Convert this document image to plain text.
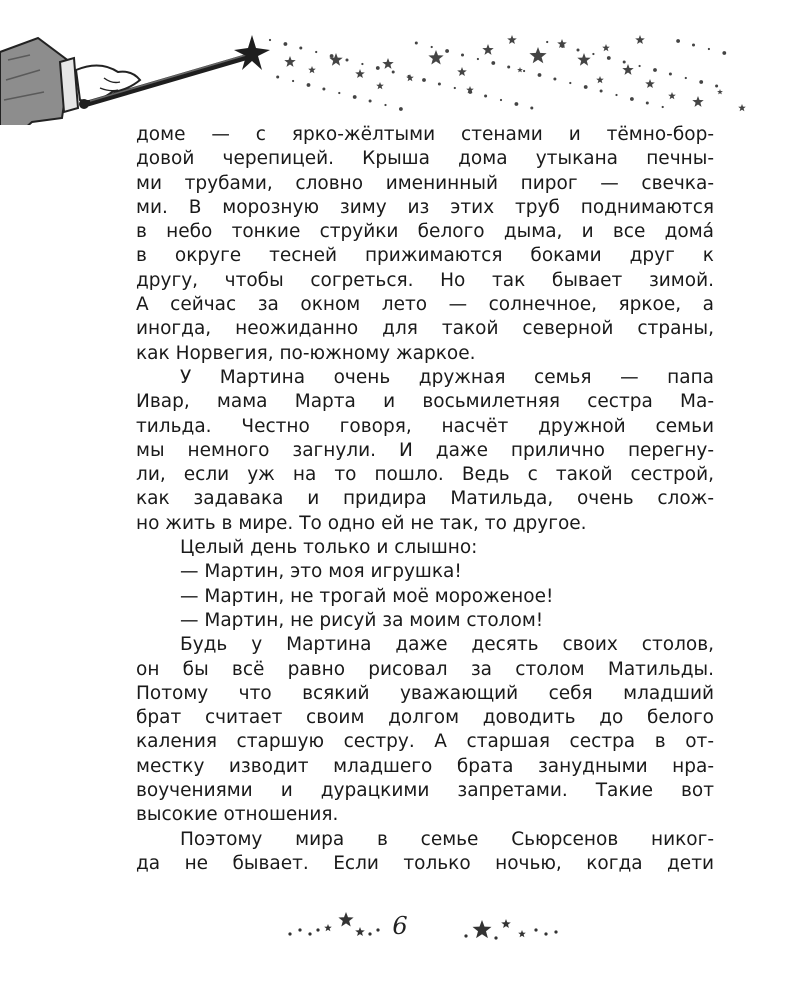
доме — с ярко-жёлтыми стенами и тёмно-бор-
довой черепицей. Крыша дома утыкана печны-
ми трубами, словно именинный пирог — свечка-
ми. В морозную зиму из этих труб поднимаются
в небо тонкие струйки белого дыма, и все домá
в округе тесней прижимаются боками друг к
другу, чтобы согреться. Но так бывает зимой.
А сейчас за окном лето — солнечное, яркое, а
иногда, неожиданно для такой северной страны,
как Норвегия, по-южному жаркое.
У Мартина очень дружная семья — папа
Ивар, мама Марта и восьмилетняя сестра Ма-
тильда. Честно говоря, насчёт дружной семьи
мы немного загнули. И даже прилично перегну-
ли, если уж на то пошло. Ведь с такой сестрой,
как задавака и придира Матильда, очень слож-
но жить в мире. То одно ей не так, то другое.
Целый день только и слышно:
— Мартин, это моя игрушка!
— Мартин, не трогай моё мороженое!
— Мартин, не рисуй за моим столом!
Будь у Мартина даже десять своих столов,
он бы всё равно рисовал за столом Матильды.
Потому что всякий уважающий себя младший
брат считает своим долгом доводить до белого
каления старшую сестру. А старшая сестра в от-
местку изводит младшего брата занудными нра-
воучениями и дурацкими запретами. Такие вот
высокие отношения.
Поэтому мира в семье Сьюрсенов никог-
да не бывает. Если только ночью, когда дети
6
